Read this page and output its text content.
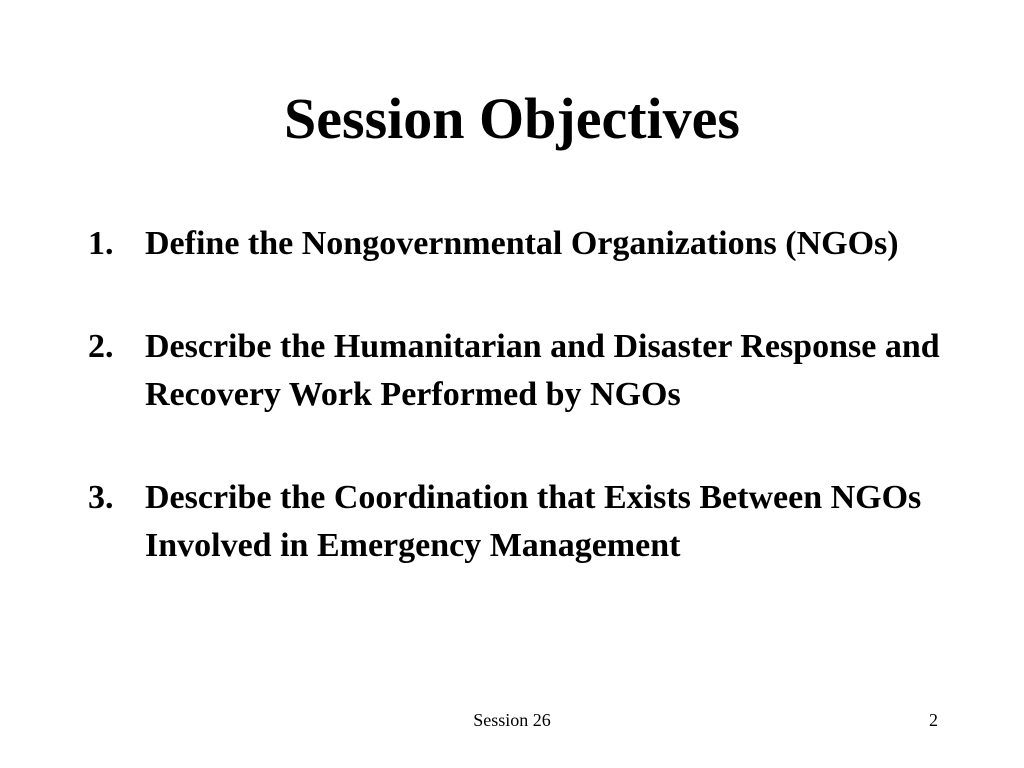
Session Objectives
1. Define the Nongovernmental Organizations (NGOs)
2. Describe the Humanitarian and Disaster Response and Recovery Work Performed by NGOs
3. Describe the Coordination that Exists Between NGOs Involved in Emergency Management
Session 26	2
